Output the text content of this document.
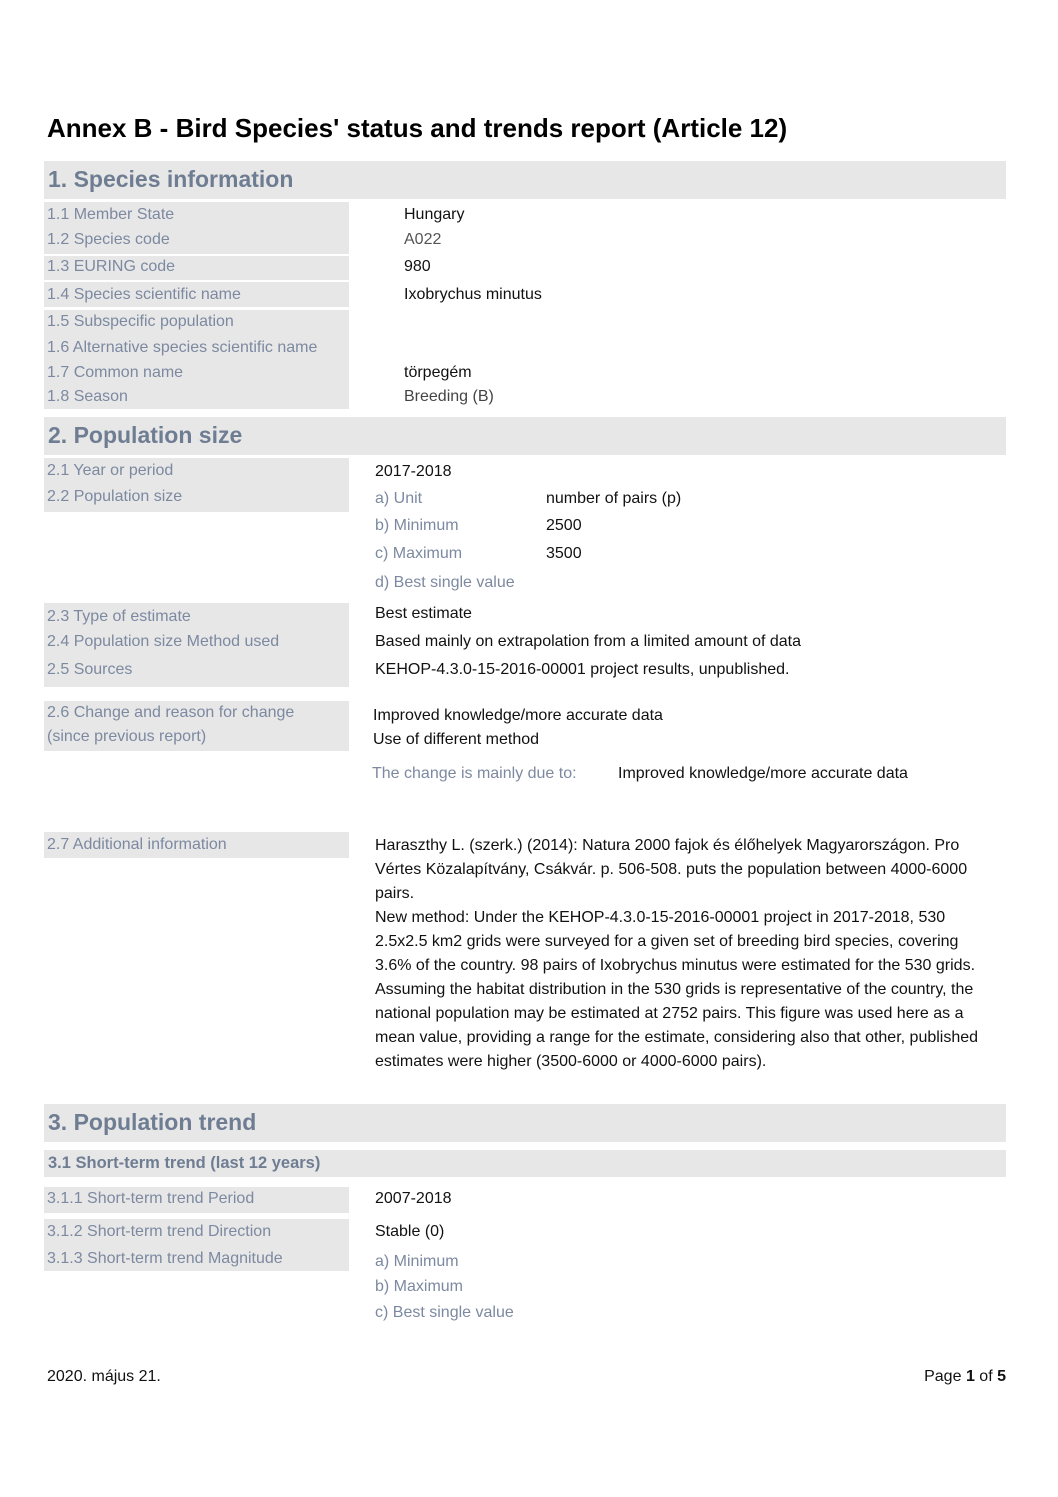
Annex B - Bird Species' status and trends report (Article 12)
1. Species information
1.1 Member State	Hungary
1.2 Species code	A022
1.3 EURING code	980
1.4 Species scientific name	Ixobrychus minutus
1.5 Subspecific population
1.6 Alternative species scientific name
1.7 Common name	törpegém
1.8 Season	Breeding (B)
2. Population size
2.1 Year or period	2017-2018
2.2 Population size	a) Unit	number of pairs (p)
b) Minimum	2500
c) Maximum	3500
d) Best single value
2.3 Type of estimate	Best estimate
2.4 Population size Method used	Based mainly on extrapolation from a limited amount of data
2.5 Sources	KEHOP-4.3.0-15-2016-00001 project results, unpublished.
2.6 Change and reason for change
(since previous report)
Improved knowledge/more accurate data
Use of different method
The change is mainly due to:	Improved knowledge/more accurate data
2.7 Additional information	Haraszthy L. (szerk.) (2014): Natura 2000 fajok és élőhelyek Magyarországon. Pro Vértes Közalapítvány, Csákvár. p. 506-508. puts the population between 4000-6000 pairs.

New method: Under the KEHOP-4.3.0-15-2016-00001 project in 2017-2018, 530 2.5x2.5 km2 grids were surveyed for a given set of breeding bird species, covering 3.6% of the country. 98 pairs of Ixobrychus minutus were estimated for the 530 grids. Assuming the habitat distribution in the 530 grids is representative of the country, the national population may be estimated at 2752 pairs. This figure was used here as a mean value, providing a range for the estimate, considering also that other, published estimates were higher (3500-6000 or 4000-6000 pairs).

3. Population trend
3.1 Short-term trend (last 12 years)
3.1.1 Short-term trend Period	2007-2018
3.1.2 Short-term trend Direction	Stable (0)
3.1.3 Short-term trend Magnitude	a) Minimum
b) Maximum
c) Best single value
2020. május 21.	Page 1 of 5
